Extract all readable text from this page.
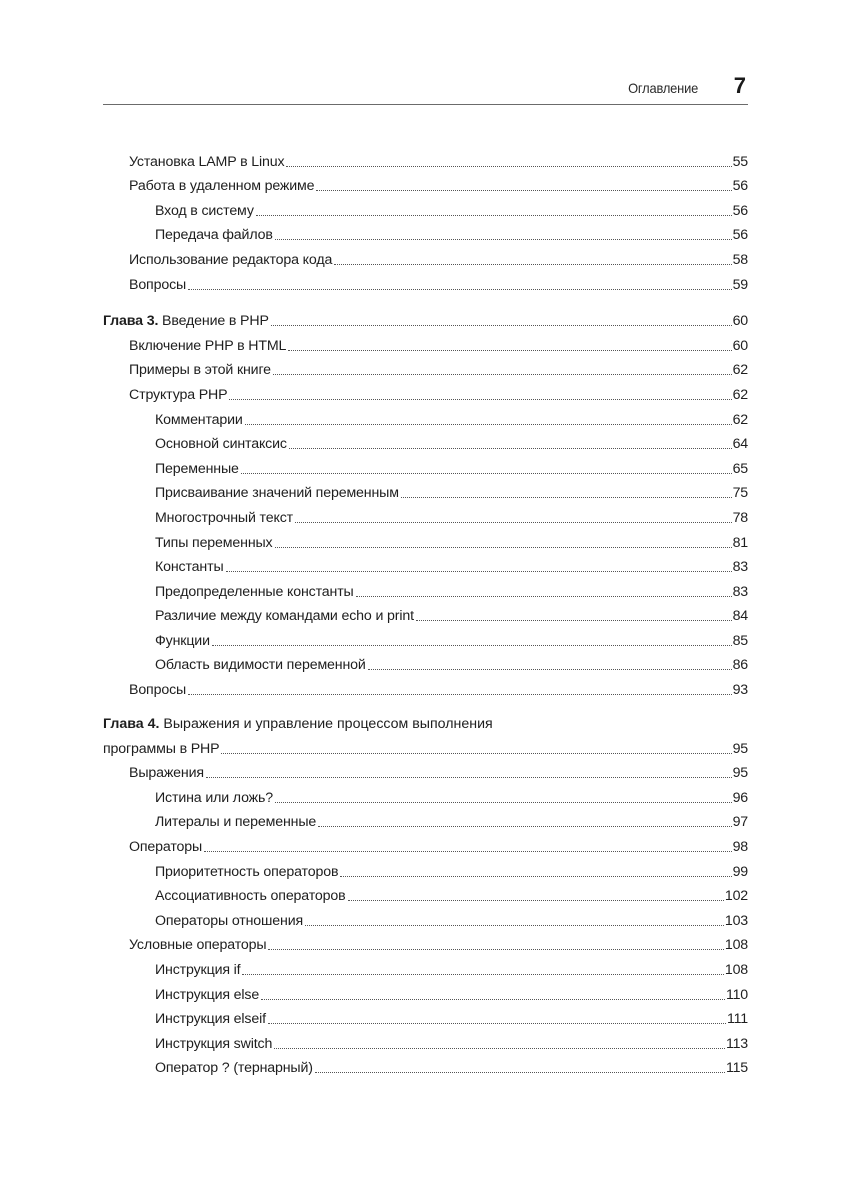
Оглавление 7
Установка LAMP в Linux	55
Работа в удаленном режиме	56
Вход в систему	56
Передача файлов	56
Использование редактора кода	58
Вопросы	59
Глава 3. Введение в PHP	60
Включение PHP в HTML	60
Примеры в этой книге	62
Структура PHP	62
Комментарии	62
Основной синтаксис	64
Переменные	65
Присваивание значений переменным	75
Многострочный текст	78
Типы переменных	81
Константы	83
Предопределенные константы	83
Различие между командами echo и print	84
Функции	85
Область видимости переменной	86
Вопросы	93
Глава 4. Выражения и управление процессом выполнения
программы в PHP	95
Выражения	95
Истина или ложь?	96
Литералы и переменные	97
Операторы	98
Приоритетность операторов	99
Ассоциативность операторов	102
Операторы отношения	103
Условные операторы	108
Инструкция if	108
Инструкция else	110
Инструкция elseif	111
Инструкция switch	113
Оператор ? (тернарный)	115
